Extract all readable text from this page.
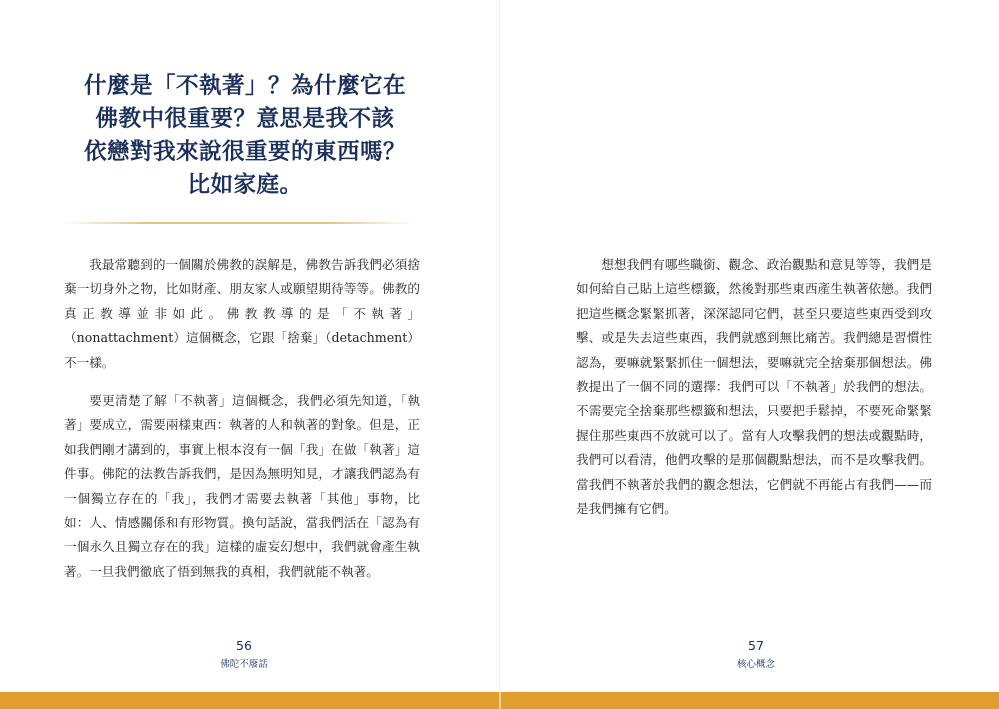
什麼是「不執著」？為什麼它在
佛教中很重要？意思是我不該
依戀對我來說很重要的東西嗎？
比如家庭。

我最常聽到的一個關於佛教的誤解是，佛教告訴我們必須捨棄一切身外之物，比如財產、朋友家人或願望期待等等。佛教的真正教導並非如此。佛教教導的是「不執著」（nonattachment）這個概念，它跟「捨棄」（detachment）不一樣。

要更清楚了解「不執著」這個概念，我們必須先知道，「執著」要成立，需要兩樣東西：執著的人和執著的對象。但是，正如我們剛才講到的，事實上根本沒有一個「我」在做「執著」這件事。佛陀的法教告訴我們，是因為無明知見，才讓我們認為有一個獨立存在的「我」，我們才需要去執著「其他」事物，比如：人、情感關係和有形物質。換句話說，當我們活在「認為有一個永久且獨立存在的我」這樣的虛妄幻想中，我們就會產生執著。一旦我們徹底了悟到無我的真相，我們就能不執著。

56
佛陀不廢話

想想我們有哪些職銜、觀念、政治觀點和意見等等，我們是如何給自己貼上這些標籤，然後對那些東西產生執著依戀。我們把這些概念緊緊抓著，深深認同它們，甚至只要這些東西受到攻擊、或是失去這些東西，我們就感到無比痛苦。我們總是習慣性認為，要嘛就緊緊抓住一個想法，要嘛就完全捨棄那個想法。佛教提出了一個不同的選擇：我們可以「不執著」於我們的想法。不需要完全捨棄那些標籤和想法，只要把手鬆掉，不要死命緊緊握住那些東西不放就可以了。當有人攻擊我們的想法或觀點時，我們可以看清，他們攻擊的是那個觀點想法，而不是攻擊我們。當我們不執著於我們的觀念想法，它們就不再能占有我們——而是我們擁有它們。

57
核心概念
